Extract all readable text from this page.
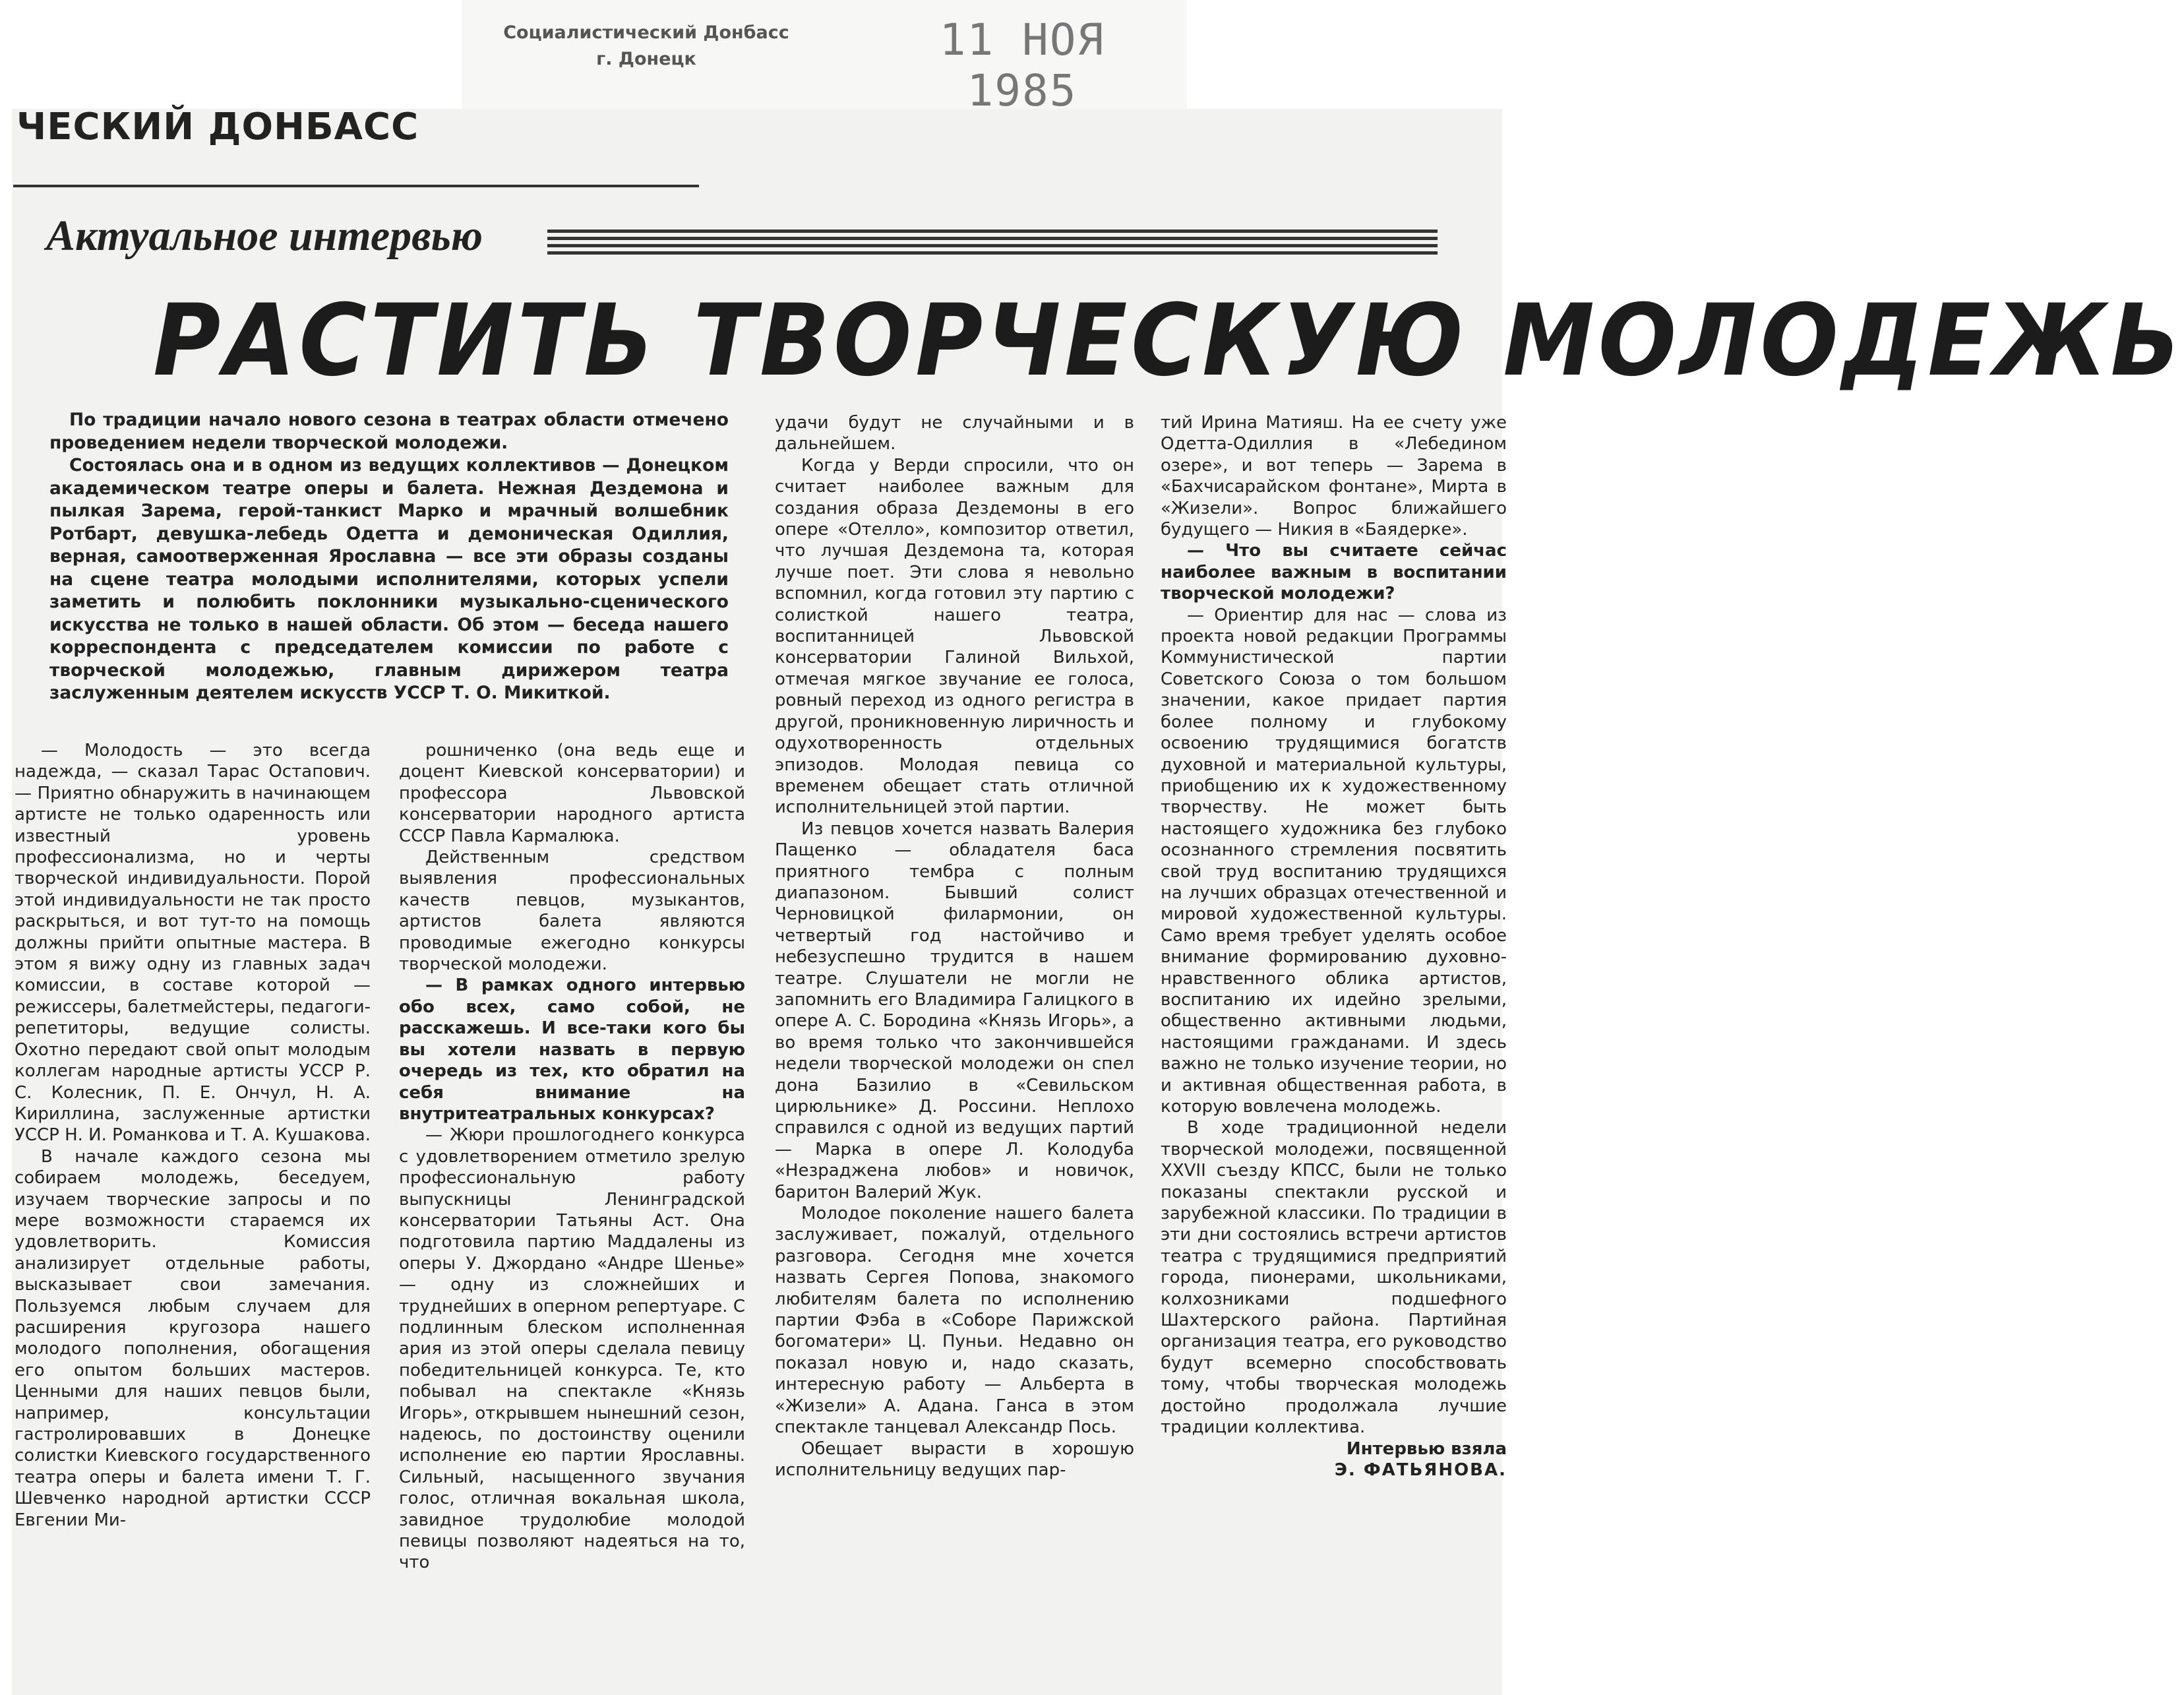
Социалистический Донбасс
г. Донецк	11 НОЯ 1985
ЧЕСКИЙ ДОНБАСС
Актуальное интервью
РАСТИТЬ ТВОРЧЕСКУЮ МОЛОДЕЖЬ

По традиции начало нового сезона в театрах области отмечено проведением недели творческой молодежи.

Состоялась она и в одном из ведущих коллективов — Донецком академическом театре оперы и балета. Нежная Дездемона и пылкая Зарема, герой-танкист Марко и мрачный волшебник Ротбарт, девушка-лебедь Одетта и демоническая Одиллия, верная, самоотверженная Ярославна — все эти образы созданы на сцене театра молодыми исполнителями, которых успели заметить и полюбить поклонники музыкально-сценического искусства не только в нашей области. Об этом — беседа нашего корреспондента с председателем комиссии по работе с творческой молодежью, главным дирижером театра заслуженным деятелем искусств УССР Т. О. Микиткой.

— Молодость — это всегда надежда, — сказал Тарас Остапович. — Приятно обнаружить в начинающем артисте не только одаренность или известный уровень профессионализма, но и черты творческой индивидуальности. Порой этой индивидуальности не так просто раскрыться, и вот тут-то на помощь должны прийти опытные мастера. В этом я вижу одну из главных задач комиссии, в составе которой — режиссеры, балетмейстеры, педагоги-репетиторы, ведущие солисты. Охотно передают свой опыт молодым коллегам народные артисты УССР Р. С. Колесник, П. Е. Ончул, Н. А. Кириллина, заслуженные артистки УССР Н. И. Романкова и Т. А. Кушакова.

В начале каждого сезона мы собираем молодежь, беседуем, изучаем творческие запросы и по мере возможности стараемся их удовлетворить. Комиссия анализирует отдельные работы, высказывает свои замечания. Пользуемся любым случаем для расширения кругозора нашего молодого пополнения, обогащения его опытом больших мастеров. Ценными для наших певцов были, например, консультации гастролировавших в Донецке солистки Киевского государственного театра оперы и балета имени Т. Г. Шевченко народной артистки СССР Евгении Ми-

рошниченко (она ведь еще и доцент Киевской консерватории) и профессора Львовской консерватории народного артиста СССР Павла Кармалюка.

Действенным средством выявления профессиональных качеств певцов, музыкантов, артистов балета являются проводимые ежегодно конкурсы творческой молодежи.

— В рамках одного интервью обо всех, само собой, не расскажешь. И все-таки кого бы вы хотели назвать в первую очередь из тех, кто обратил на себя внимание на внутритеатральных конкурсах?

— Жюри прошлогоднего конкурса с удовлетворением отметило зрелую профессиональную работу выпускницы Ленинградской консерватории Татьяны Аст. Она подготовила партию Маддалены из оперы У. Джордано «Андре Шенье» — одну из сложнейших и труднейших в оперном репертуаре. С подлинным блеском исполненная ария из этой оперы сделала певицу победительницей конкурса. Те, кто побывал на спектакле «Князь Игорь», открывшем нынешний сезон, надеюсь, по достоинству оценили исполнение ею партии Ярославны. Сильный, насыщенного звучания голос, отличная вокальная школа, завидное трудолюбие молодой певицы позволяют надеяться на то, что

удачи будут не случайными и в дальнейшем.

Когда у Верди спросили, что он считает наиболее важным для создания образа Дездемоны в его опере «Отелло», композитор ответил, что лучшая Дездемона та, которая лучше поет. Эти слова я невольно вспомнил, когда готовил эту партию с солисткой нашего театра, воспитанницей Львовской консерватории Галиной Вильхой, отмечая мягкое звучание ее голоса, ровный переход из одного регистра в другой, проникновенную лиричность и одухотворенность отдельных эпизодов. Молодая певица со временем обещает стать отличной исполнительницей этой партии.

Из певцов хочется назвать Валерия Пащенко — обладателя баса приятного тембра с полным диапазоном. Бывший солист Черновицкой филармонии, он четвертый год настойчиво и небезуспешно трудится в нашем театре. Слушатели не могли не запомнить его Владимира Галицкого в опере А. С. Бородина «Князь Игорь», а во время только что закончившейся недели творческой молодежи он спел дона Базилио в «Севильском цирюльнике» Д. Россини. Неплохо справился с одной из ведущих партий — Марка в опере Л. Колодуба «Незраджена любов» и новичок, баритон Валерий Жук.

Молодое поколение нашего балета заслуживает, пожалуй, отдельного разговора. Сегодня мне хочется назвать Сергея Попова, знакомого любителям балета по исполнению партии Фэба в «Соборе Парижской богоматери» Ц. Пуньи. Недавно он показал новую и, надо сказать, интересную работу — Альберта в «Жизели» А. Адана. Ганса в этом спектакле танцевал Александр Пось.

Обещает вырасти в хорошую исполнительницу ведущих пар-

тий Ирина Матияш. На ее счету уже Одетта-Одиллия в «Лебедином озере», и вот теперь — Зарема в «Бахчисарайском фонтане», Мирта в «Жизели». Вопрос ближайшего будущего — Никия в «Баядерке».

— Что вы считаете сейчас наиболее важным в воспитании творческой молодежи?

— Ориентир для нас — слова из проекта новой редакции Программы Коммунистической партии Советского Союза о том большом значении, какое придает партия более полному и глубокому освоению трудящимися богатств духовной и материальной культуры, приобщению их к художественному творчеству. Не может быть настоящего художника без глубоко осознанного стремления посвятить свой труд воспитанию трудящихся на лучших образцах отечественной и мировой художественной культуры. Само время требует уделять особое внимание формированию духовно-нравственного облика артистов, воспитанию их идейно зрелыми, общественно активными людьми, настоящими гражданами. И здесь важно не только изучение теории, но и активная общественная работа, в которую вовлечена молодежь.

В ходе традиционной недели творческой молодежи, посвященной XXVII съезду КПСС, были не только показаны спектакли русской и зарубежной классики. По традиции в эти дни состоялись встречи артистов театра с трудящимися предприятий города, пионерами, школьниками, колхозниками подшефного Шахтерского района. Партийная организация театра, его руководство будут всемерно способствовать тому, чтобы творческая молодежь достойно продолжала лучшие традиции коллектива.

Интервью взяла

Э. ФАТЬЯНОВА.
